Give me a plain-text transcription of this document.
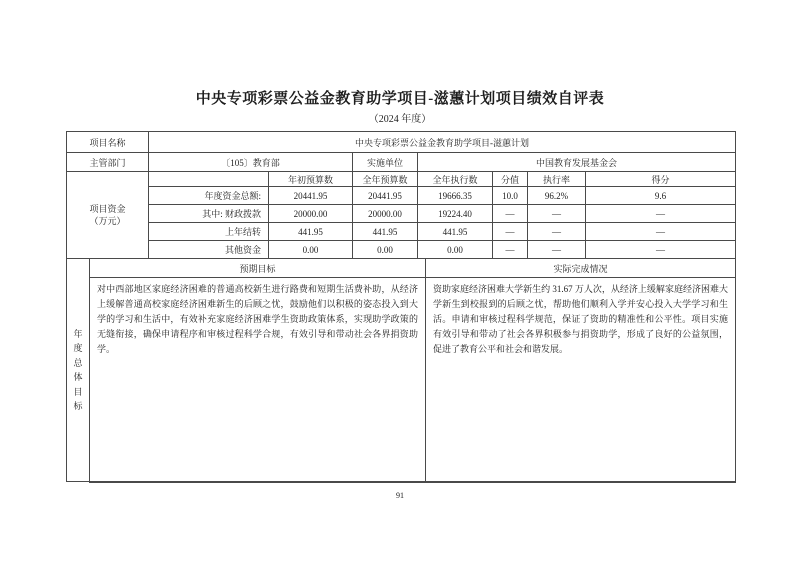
中央专项彩票公益金教育助学项目-滋蕙计划项目绩效自评表
（2024 年度）
项目名称	中央专项彩票公益金教育助学项目-滋蕙计划						
主管部门	〔105〕教育部		实施单位	中国教育发展基金会			

项目资金
（万元）		年初预算数	全年预算数	全年执行数	分值	执行率	得分
	年度资金总额:	20441.95	20441.95	19666.35	10.0	96.2%	9.6
	其中: 财政拨款	20000.00	20000.00	19224.40	—	—	—
	上年结转	441.95	441.95	441.95	—	—	—
	其他资金	0.00	0.00	0.00	—	—	—
年度总体目标	预期目标	实际完成情况
	对中西部地区家庭经济困难的普通高校新生进行路费和短期生活费补助，从经济上缓解普通高校家庭经济困难新生的后顾之忧，鼓励他们以积极的姿态投入到大学的学习和生活中，有效补充家庭经济困难学生资助政策体系，实现助学政策的无缝衔接，确保申请程序和审核过程科学合规，有效引导和带动社会各界捐资助学。	资助家庭经济困难大学新生约 31.67 万人次，从经济上缓解家庭经济困难大学新生到校报到的后顾之忧，帮助他们顺利入学并安心投入大学学习和生活。申请和审核过程科学规范，保证了资助的精准性和公平性。项目实施有效引导和带动了社会各界积极参与捐资助学，形成了良好的公益氛围，促进了教育公平和社会和谐发展。
91
